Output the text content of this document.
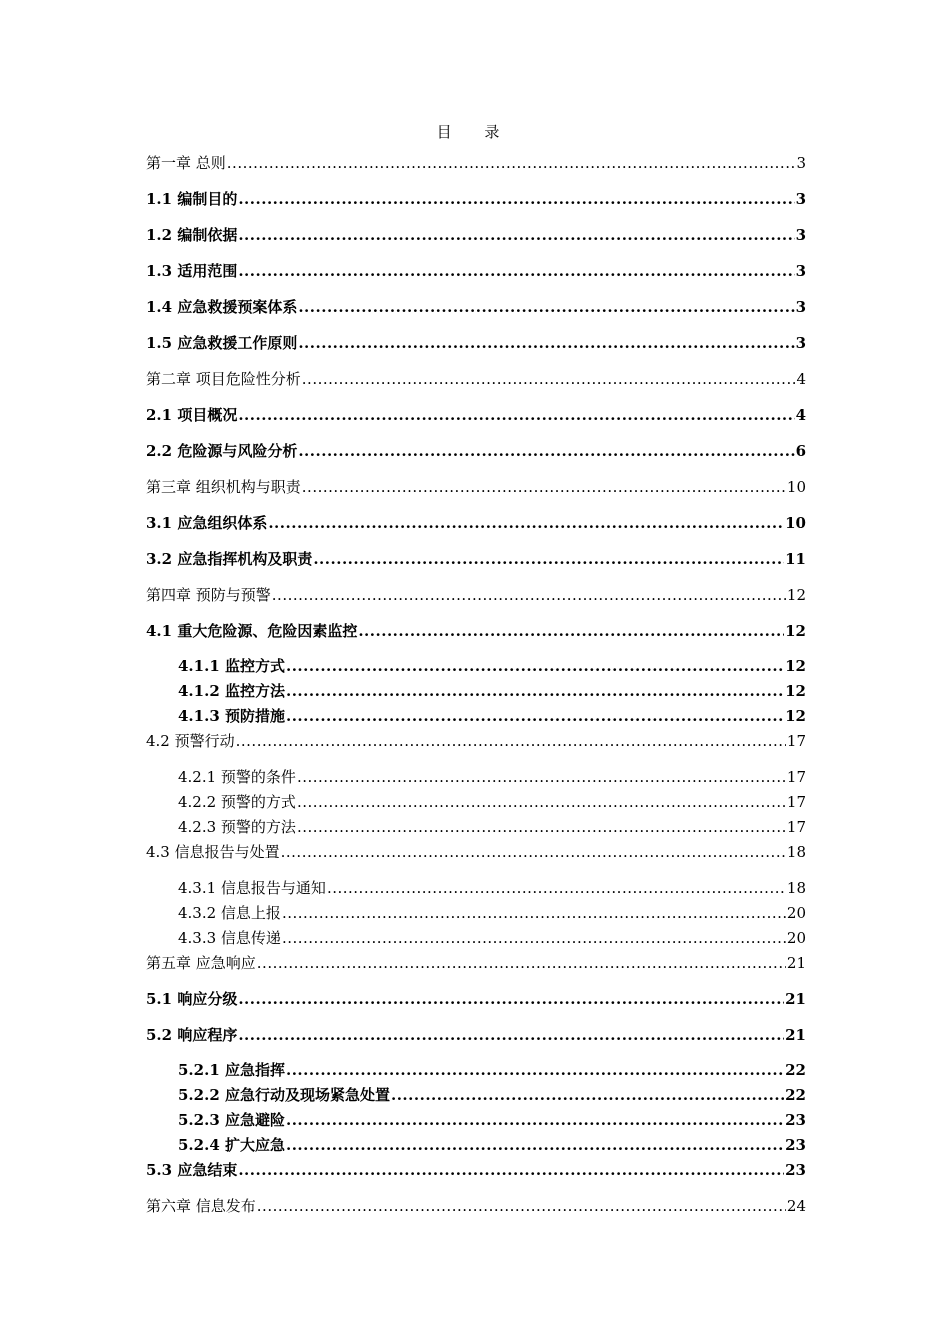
目 录
第一章 总则 .....	3
1.1 编制目的 .....	3
1.2 编制依据 .....	3
1.3 适用范围 .....	3
1.4 应急救援预案体系 .....	3
1.5 应急救援工作原则 .....	3
第二章 项目危险性分析 .....	4
2.1 项目概况 .....	4
2.2 危险源与风险分析 .....	6
第三章 组织机构与职责 .....	10
3.1 应急组织体系 .....	10
3.2 应急指挥机构及职责 .....	11
第四章 预防与预警 .....	12
4.1 重大危险源、危险因素监控 .....	12
4.1.1 监控方式 .....	12
4.1.2 监控方法 .....	12
4.1.3 预防措施 .....	12
4.2 预警行动 .....	17
4.2.1 预警的条件 .....	17
4.2.2 预警的方式 .....	17
4.2.3 预警的方法 .....	17
4.3 信息报告与处置 .....	18
4.3.1 信息报告与通知 .....	18
4.3.2 信息上报 .....	20
4.3.3 信息传递 .....	20
第五章 应急响应 .....	21
5.1 响应分级 .....	21
5.2 响应程序 .....	21
5.2.1 应急指挥 .....	22
5.2.2 应急行动及现场紧急处置 .....	22
5.2.3 应急避险 .....	23
5.2.4 扩大应急 .....	23
5.3 应急结束 .....	23
第六章 信息发布 .....	24
